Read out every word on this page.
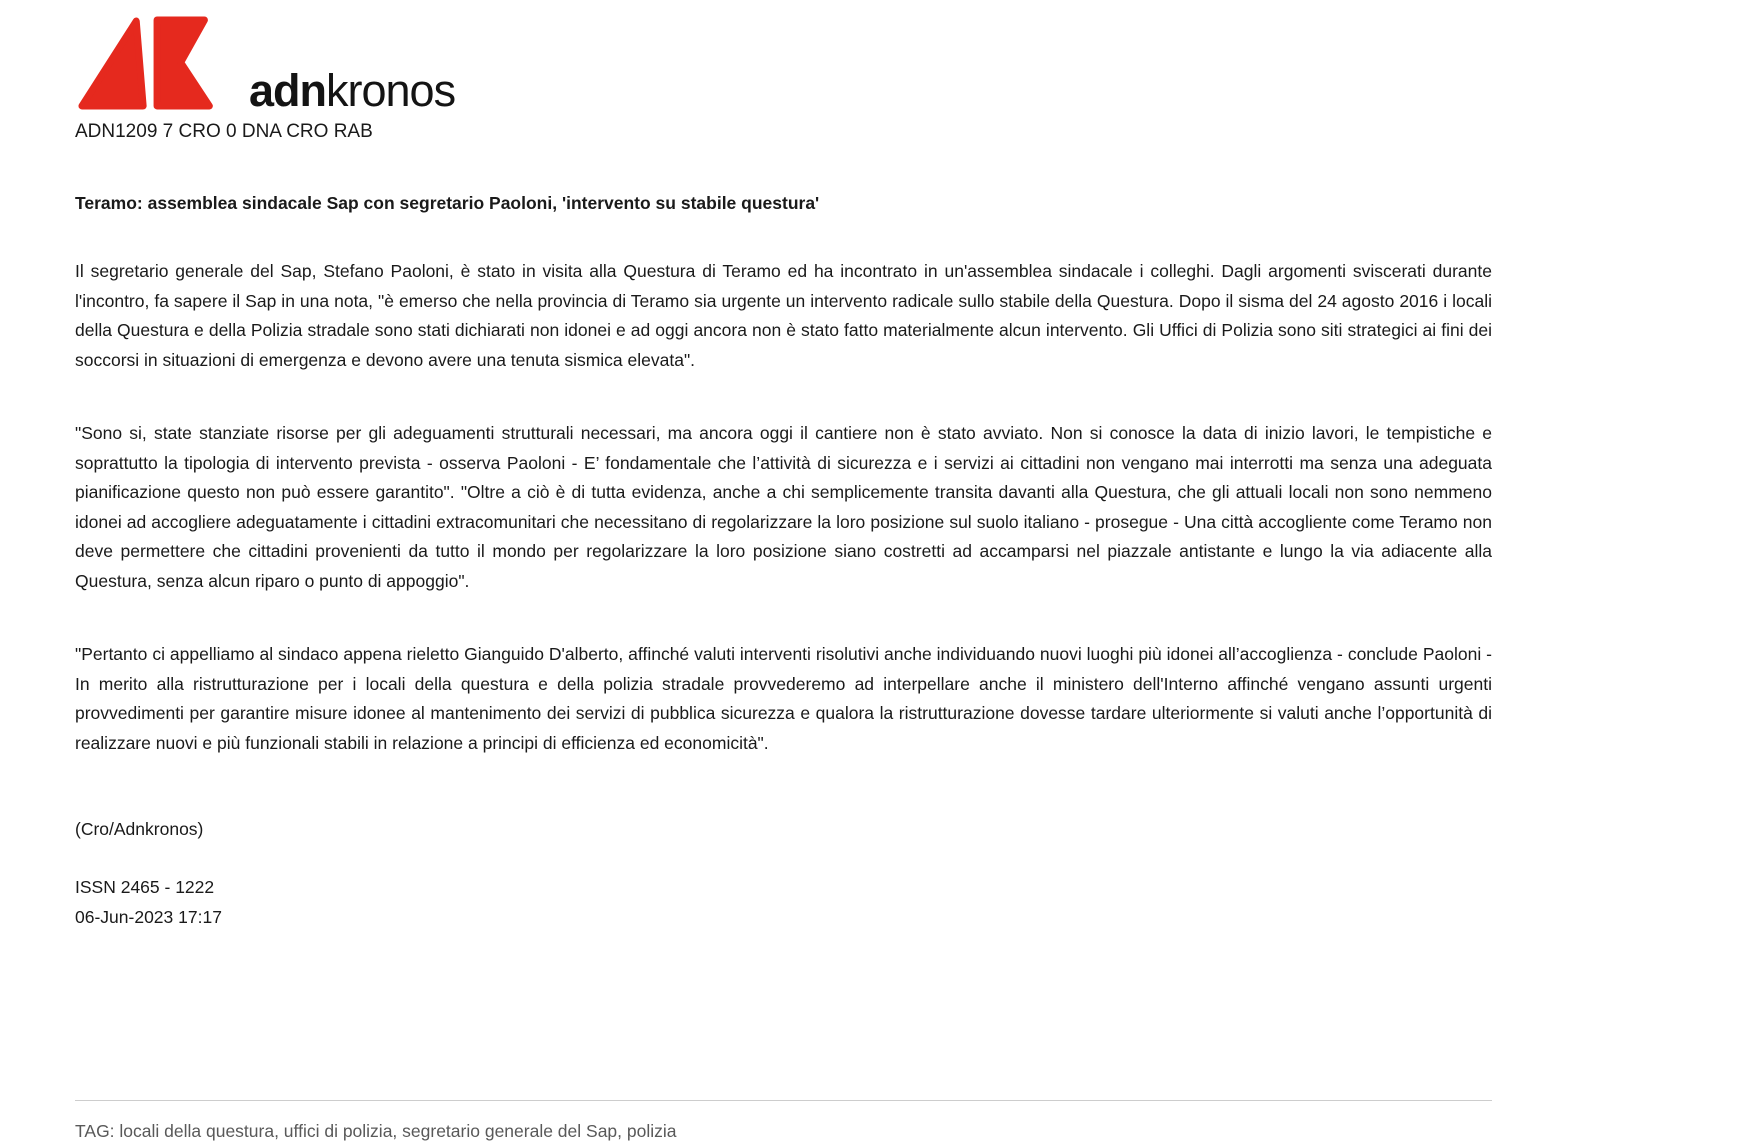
adnkronos
ADN1209 7 CRO 0 DNA CRO RAB
Teramo: assemblea sindacale Sap con segretario Paoloni, 'intervento su stabile questura'

Il segretario generale del Sap, Stefano Paoloni, è stato in visita alla Questura di Teramo ed ha incontrato in un'assemblea sindacale i colleghi. Dagli argomenti sviscerati durante l'incontro, fa sapere il Sap in una nota, "è emerso che nella provincia di Teramo sia urgente un intervento radicale sullo stabile della Questura. Dopo il sisma del 24 agosto 2016 i locali della Questura e della Polizia stradale sono stati dichiarati non idonei e ad oggi ancora non è stato fatto materialmente alcun intervento. Gli Uffici di Polizia sono siti strategici ai fini dei soccorsi in situazioni di emergenza e devono avere una tenuta sismica elevata".

"Sono si, state stanziate risorse per gli adeguamenti strutturali necessari, ma ancora oggi il cantiere non è stato avviato. Non si conosce la data di inizio lavori, le tempistiche e soprattutto la tipologia di intervento prevista - osserva Paoloni - E’ fondamentale che l’attività di sicurezza e i servizi ai cittadini non vengano mai interrotti ma senza una adeguata pianificazione questo non può essere garantito". "Oltre a ciò è di tutta evidenza, anche a chi semplicemente transita davanti alla Questura, che gli attuali locali non sono nemmeno idonei ad accogliere adeguatamente i cittadini extracomunitari che necessitano di regolarizzare la loro posizione sul suolo italiano - prosegue - Una città accogliente come Teramo non deve permettere che cittadini provenienti da tutto il mondo per regolarizzare la loro posizione siano costretti ad accamparsi nel piazzale antistante e lungo la via adiacente alla Questura, senza alcun riparo o punto di appoggio".

"Pertanto ci appelliamo al sindaco appena rieletto Gianguido D'alberto, affinché valuti interventi risolutivi anche individuando nuovi luoghi più idonei all’accoglienza - conclude Paoloni - In merito alla ristrutturazione per i locali della questura e della polizia stradale provvederemo ad interpellare anche il ministero dell'Interno affinché vengano assunti urgenti provvedimenti per garantire misure idonee al mantenimento dei servizi di pubblica sicurezza e qualora la ristrutturazione dovesse tardare ulteriormente si valuti anche l’opportunità di realizzare nuovi e più funzionali stabili in relazione a principi di efficienza ed economicità".

(Cro/Adnkronos)
ISSN 2465 - 1222
06-Jun-2023 17:17
TAG: locali della questura, uffici di polizia, segretario generale del Sap, polizia
